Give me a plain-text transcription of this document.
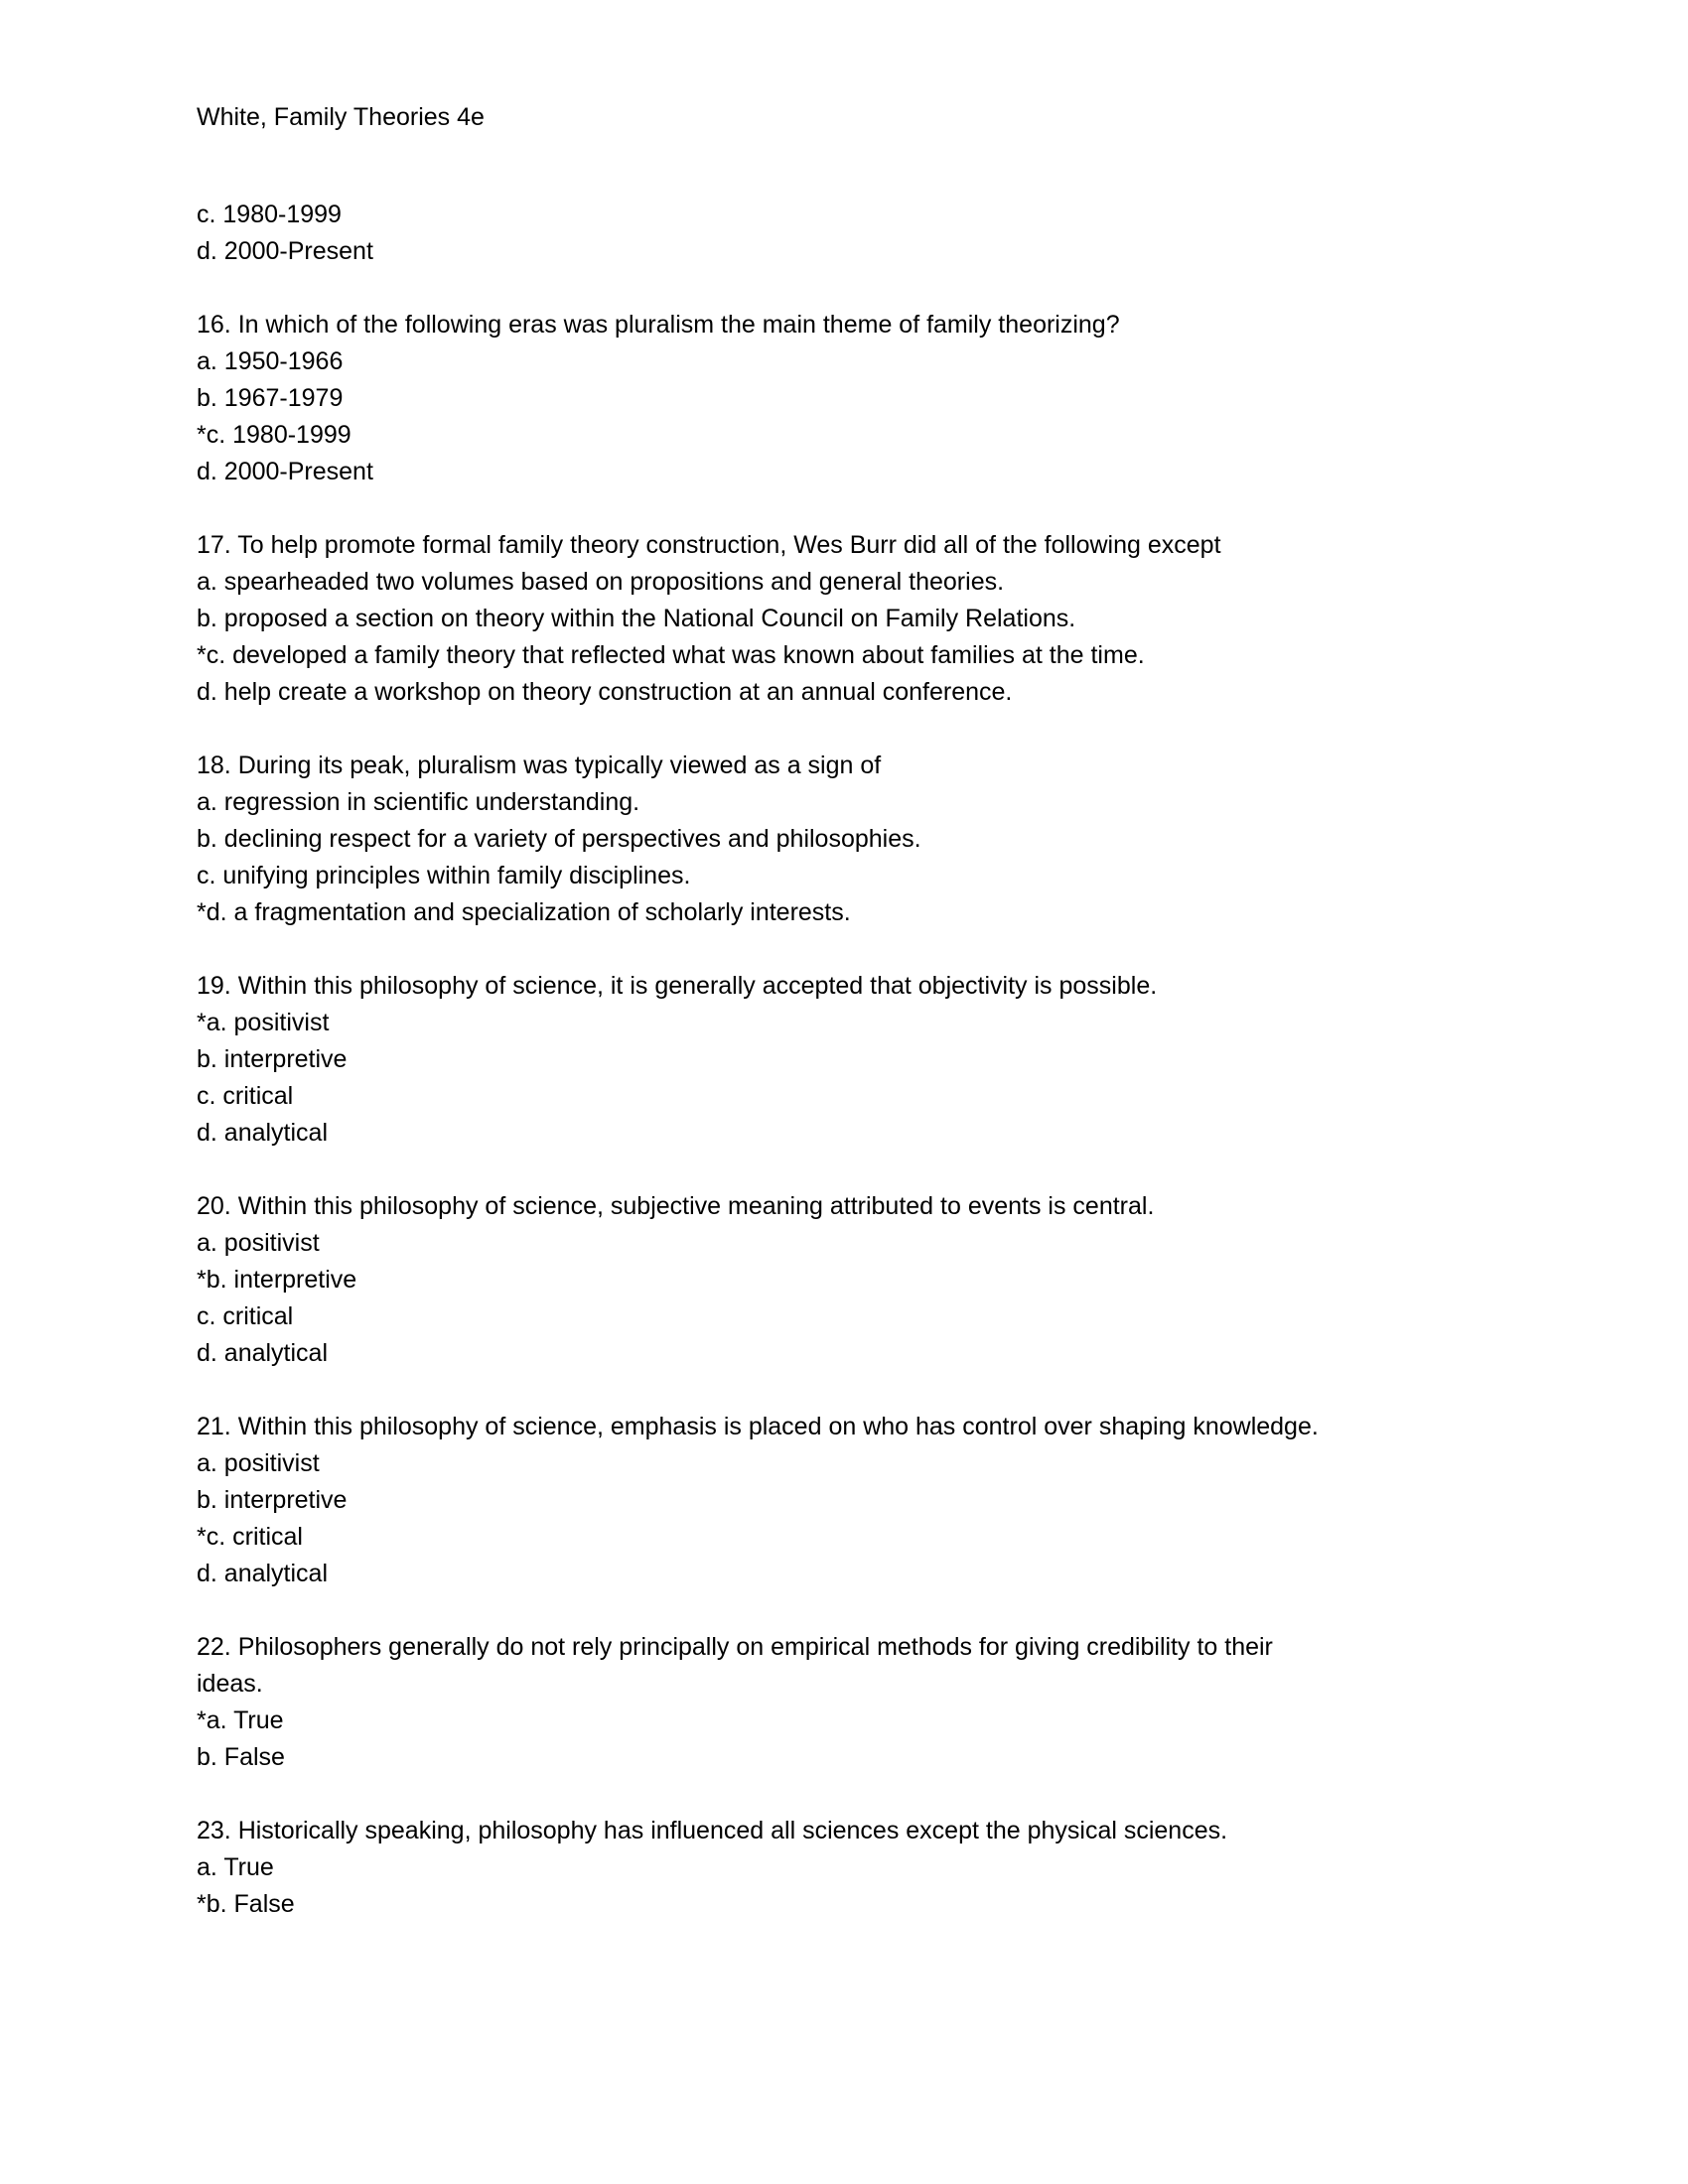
White, Family Theories 4e
c. 1980-1999
d. 2000-Present
16. In which of the following eras was pluralism the main theme of family theorizing?
a. 1950-1966
b. 1967-1979
*c. 1980-1999
d. 2000-Present
17. To help promote formal family theory construction, Wes Burr did all of the following except
a. spearheaded two volumes based on propositions and general theories.
b. proposed a section on theory within the National Council on Family Relations.
*c. developed a family theory that reflected what was known about families at the time.
d. help create a workshop on theory construction at an annual conference.
18. During its peak, pluralism was typically viewed as a sign of
a. regression in scientific understanding.
b. declining respect for a variety of perspectives and philosophies.
c. unifying principles within family disciplines.
*d. a fragmentation and specialization of scholarly interests.
19. Within this philosophy of science, it is generally accepted that objectivity is possible.
*a. positivist
b. interpretive
c. critical
d. analytical
20. Within this philosophy of science, subjective meaning attributed to events is central.
a. positivist
*b. interpretive
c. critical
d. analytical
21. Within this philosophy of science, emphasis is placed on who has control over shaping knowledge.
a. positivist
b. interpretive
*c. critical
d. analytical
22. Philosophers generally do not rely principally on empirical methods for giving credibility to their
ideas.
*a. True
b. False
23. Historically speaking, philosophy has influenced all sciences except the physical sciences.
a. True
*b. False
